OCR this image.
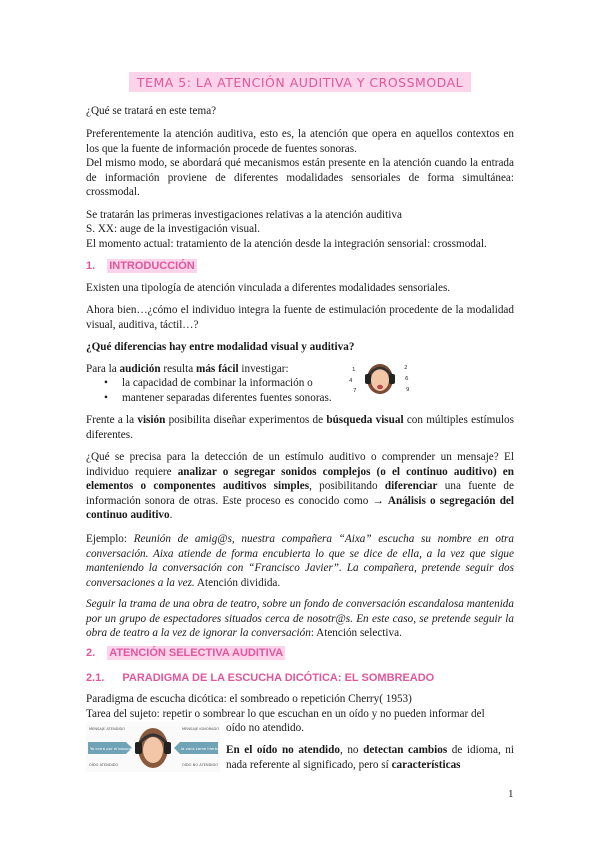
TEMA 5: LA ATENCIÓN AUDITIVA Y CROSSMODAL

¿Qué se tratará en este tema?

Preferentemente la atención auditiva, esto es, la atención que opera en aquellos contextos en los que la fuente de información procede de fuentes sonoras.

Del mismo modo, se abordará qué mecanismos están presente en la atención cuando la entrada de información proviene de diferentes modalidades sensoriales de forma simultánea: crossmodal.

Se tratarán las primeras investigaciones relativas a la atención auditiva

S. XX: auge de la investigación visual.

El momento actual: tratamiento de la atención desde la integración sensorial: crossmodal.

1. INTRODUCCIÓN

Existen una tipología de atención vinculada a diferentes modalidades sensoriales.

Ahora bien…¿cómo el individuo integra la fuente de estimulación procedente de la modalidad visual, auditiva, táctil…?

¿Qué diferencias hay entre modalidad visual y auditiva?

Para la audición resulta más fácil investigar:

• la capacidad de combinar la información o
• mantener separadas diferentes fuentes sonoras.
1	2
4	6
7	9

Frente a la visión posibilita diseñar experimentos de búsqueda visual con múltiples estímulos diferentes.

¿Qué se precisa para la detección de un estímulo auditivo o comprender un mensaje? El individuo requiere analizar o segregar sonidos complejos (o el continuo auditivo) en elementos o componentes auditivos simples, posibilitando diferenciar una fuente de información sonora de otras. Este proceso es conocido como → Análisis o segregación del continuo auditivo.

Ejemplo: Reunión de amig@s, nuestra compañera “Aixa” escucha su nombre en otra conversación. Aixa atiende de forma encubierta lo que se dice de ella, a la vez que sigue manteniendo la conversación con “Francisco Javier”. La compañera, pretende seguir dos conversaciones a la vez. Atención dividida.

Seguir la trama de una obra de teatro, sobre un fondo de conversación escandalosa mantenida por un grupo de espectadores situados cerca de nosotr@s. En este caso, se pretende seguir la obra de teatro a la vez de ignorar la conversación: Atención selectiva.

2. ATENCIÓN SELECTIVA AUDITIVA
2.1. PARADIGMA DE LA ESCUCHA DICÓTICA: EL SOMBREADO

Paradigma de escucha dicótica: el sombreado o repetición Cherry( 1953)

Tarea del sujeto: repetir o sombrear lo que escuchan en un oído y no pueden informar del

oído no atendido.

MENSAJE ATENDIDO
Yo corro por el bosque
OÍDO ATENDIDO
MENSAJE IGNORADO
la vaca come hierba
OÍDO NO ATENDIDO

En el oído no atendido, no detectan cambios de idioma, ni nada referente al significado, pero sí características

1
